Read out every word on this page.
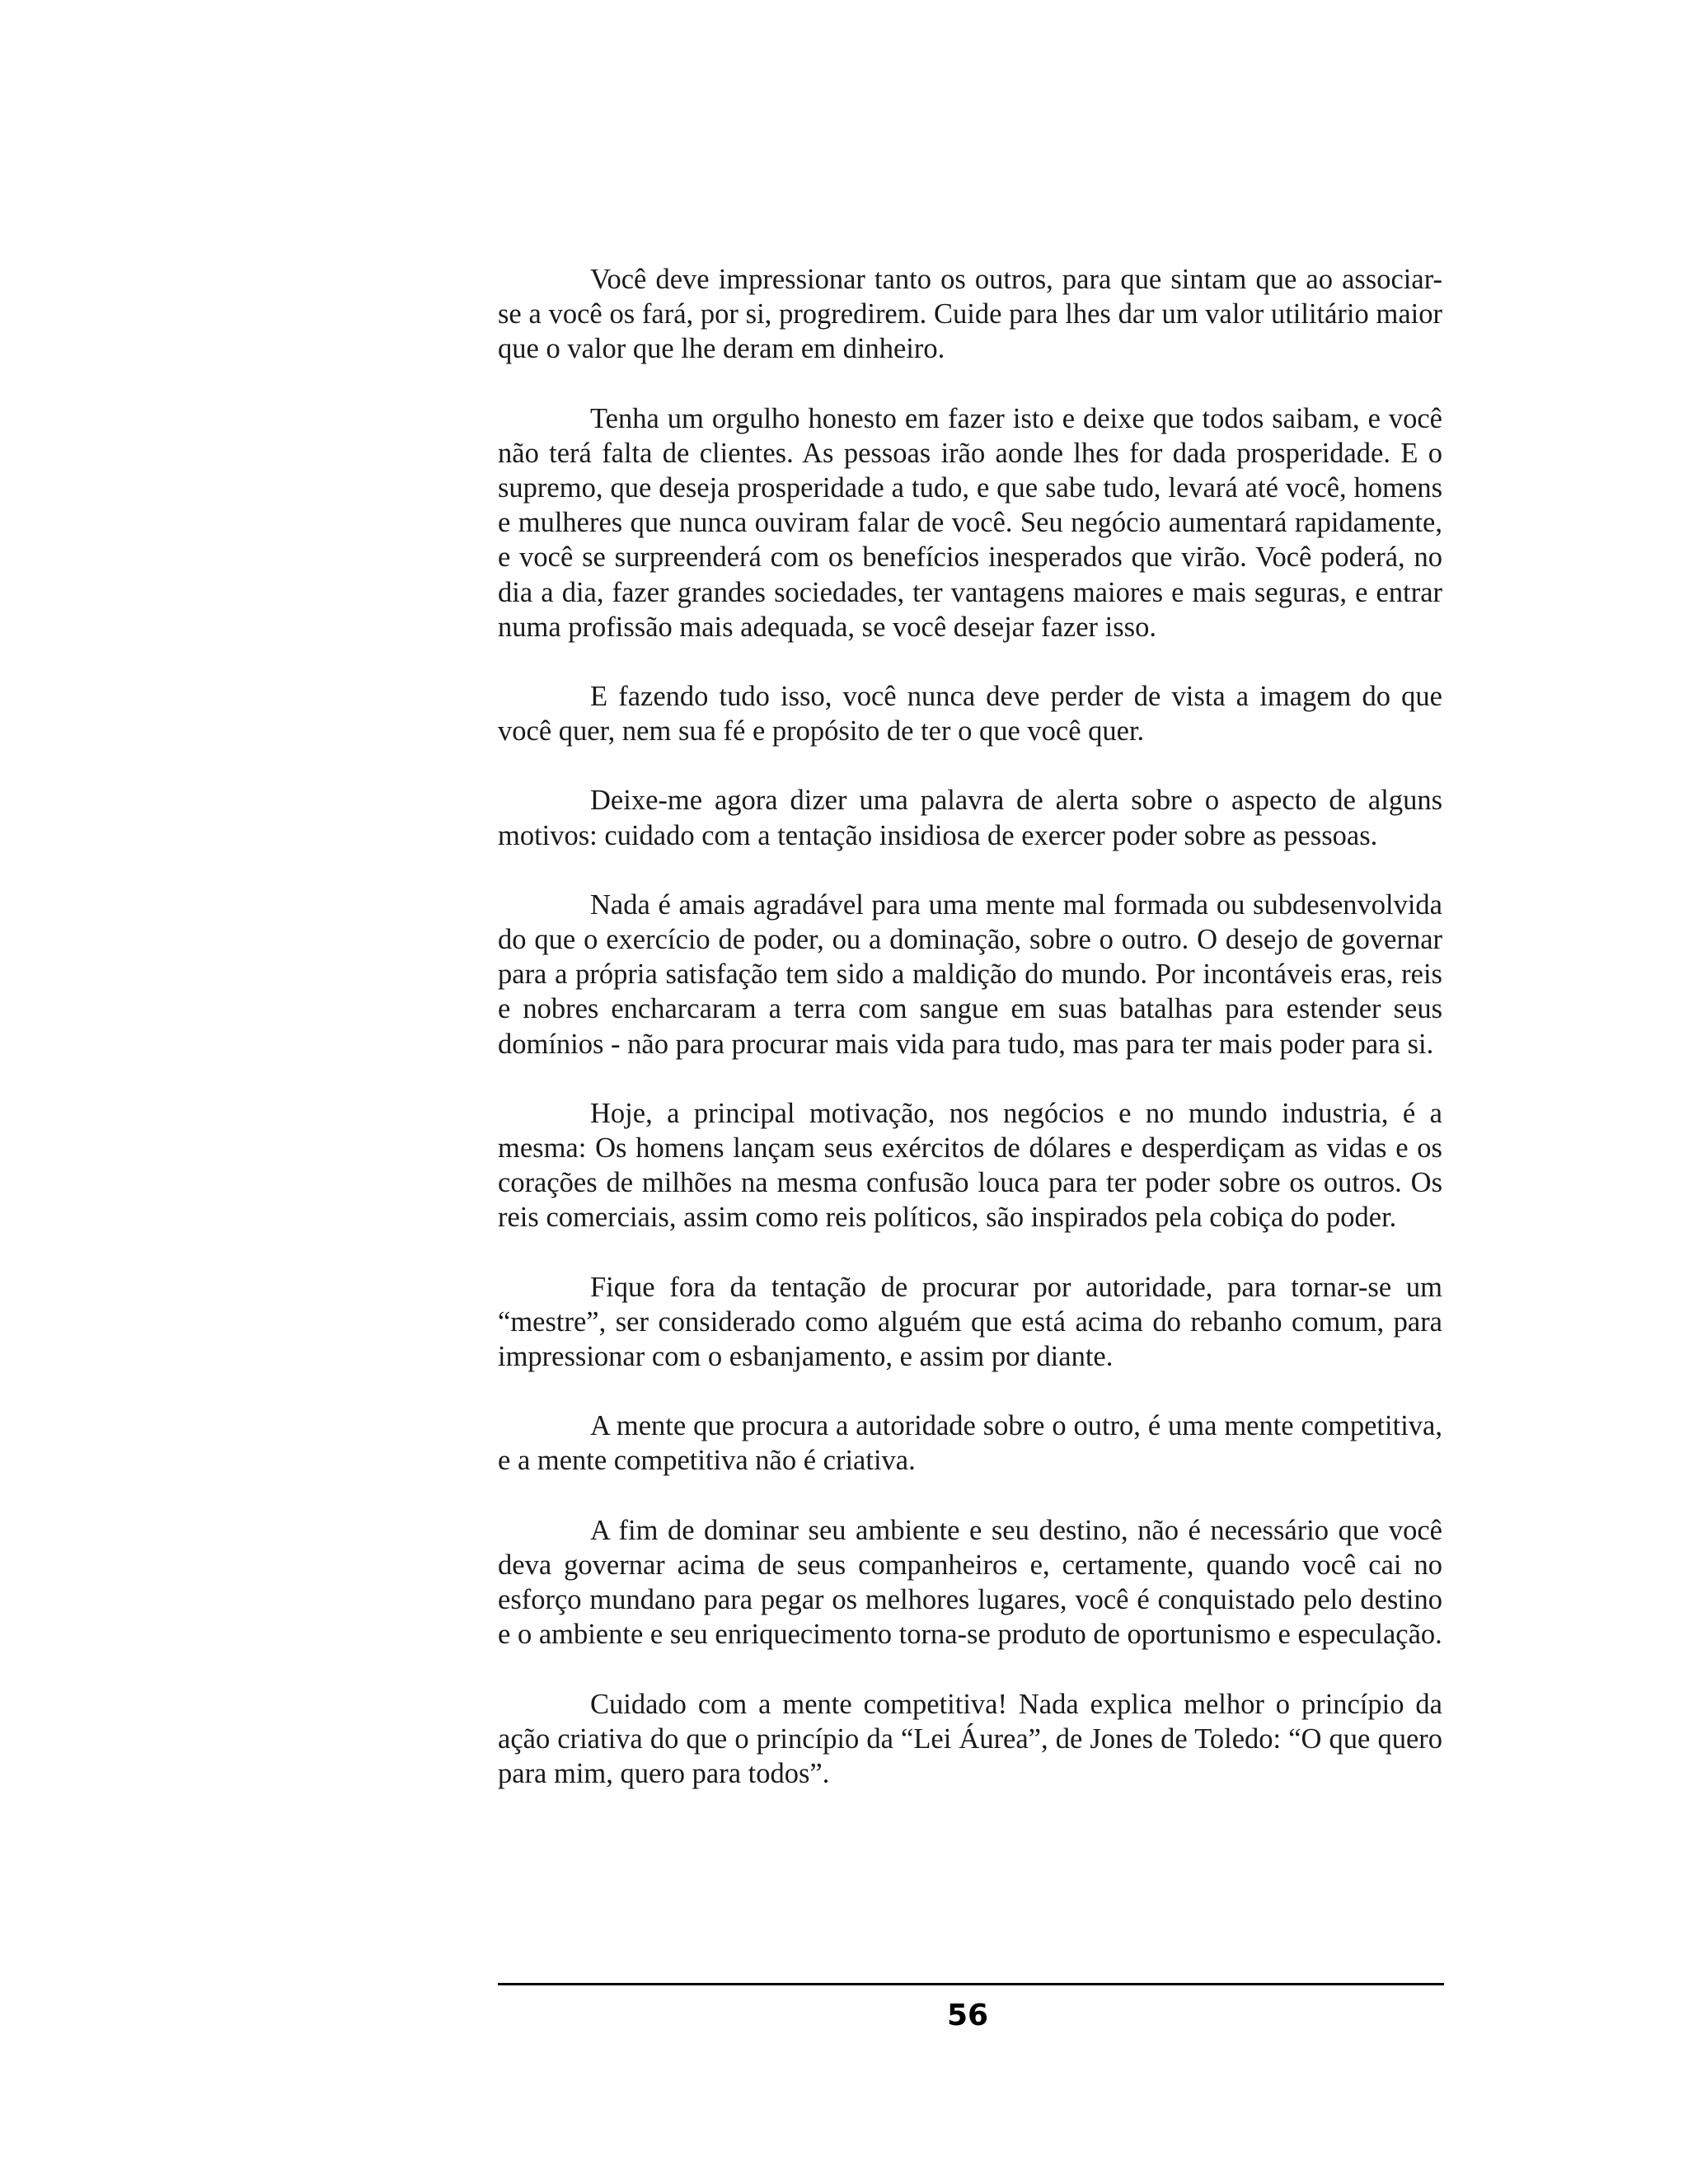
Você deve impressionar tanto os outros, para que sintam que ao associar-se a você os fará, por si, progredirem. Cuide para lhes dar um valor utilitário maior que o valor que lhe deram em dinheiro.

Tenha um orgulho honesto em fazer isto e deixe que todos saibam, e você não terá falta de clientes. As pessoas irão aonde lhes for dada prosperidade. E o supremo, que deseja prosperidade a tudo, e que sabe tudo, levará até você, homens e mulheres que nunca ouviram falar de você. Seu negócio aumentará rapidamente, e você se surpreenderá com os benefícios inesperados que virão. Você poderá, no dia a dia, fazer grandes sociedades, ter vantagens maiores e mais seguras, e entrar numa profissão mais adequada, se você desejar fazer isso.

E fazendo tudo isso, você nunca deve perder de vista a imagem do que você quer, nem sua fé e propósito de ter o que você quer.

Deixe-me agora dizer uma palavra de alerta sobre o aspecto de alguns motivos: cuidado com a tentação insidiosa de exercer poder sobre as pessoas.

Nada é amais agradável para uma mente mal formada ou subdesenvolvida do que o exercício de poder, ou a dominação, sobre o outro. O desejo de governar para a própria satisfação tem sido a maldição do mundo. Por incontáveis eras, reis e nobres encharcaram a terra com sangue em suas batalhas para estender seus domínios - não para procurar mais vida para tudo, mas para ter mais poder para si.

Hoje, a principal motivação, nos negócios e no mundo industria, é a mesma: Os homens lançam seus exércitos de dólares e desperdiçam as vidas e os corações de milhões na mesma confusão louca para ter poder sobre os outros. Os reis comerciais, assim como reis políticos, são inspirados pela cobiça do poder.

Fique fora da tentação de procurar por autoridade, para tornar-se um “mestre”, ser considerado como alguém que está acima do rebanho comum, para impressionar com o esbanjamento, e assim por diante.

A mente que procura a autoridade sobre o outro, é uma mente competitiva, e a mente competitiva não é criativa.

A fim de dominar seu ambiente e seu destino, não é necessário que você deva governar acima de seus companheiros e, certamente, quando você cai no esforço mundano para pegar os melhores lugares, você é conquistado pelo destino e o ambiente e seu enriquecimento torna-se produto de oportunismo e especulação.

Cuidado com a mente competitiva! Nada explica melhor o princípio da ação criativa do que o princípio da “Lei Áurea”, de Jones de Toledo: “O que quero para mim, quero para todos”.

56
